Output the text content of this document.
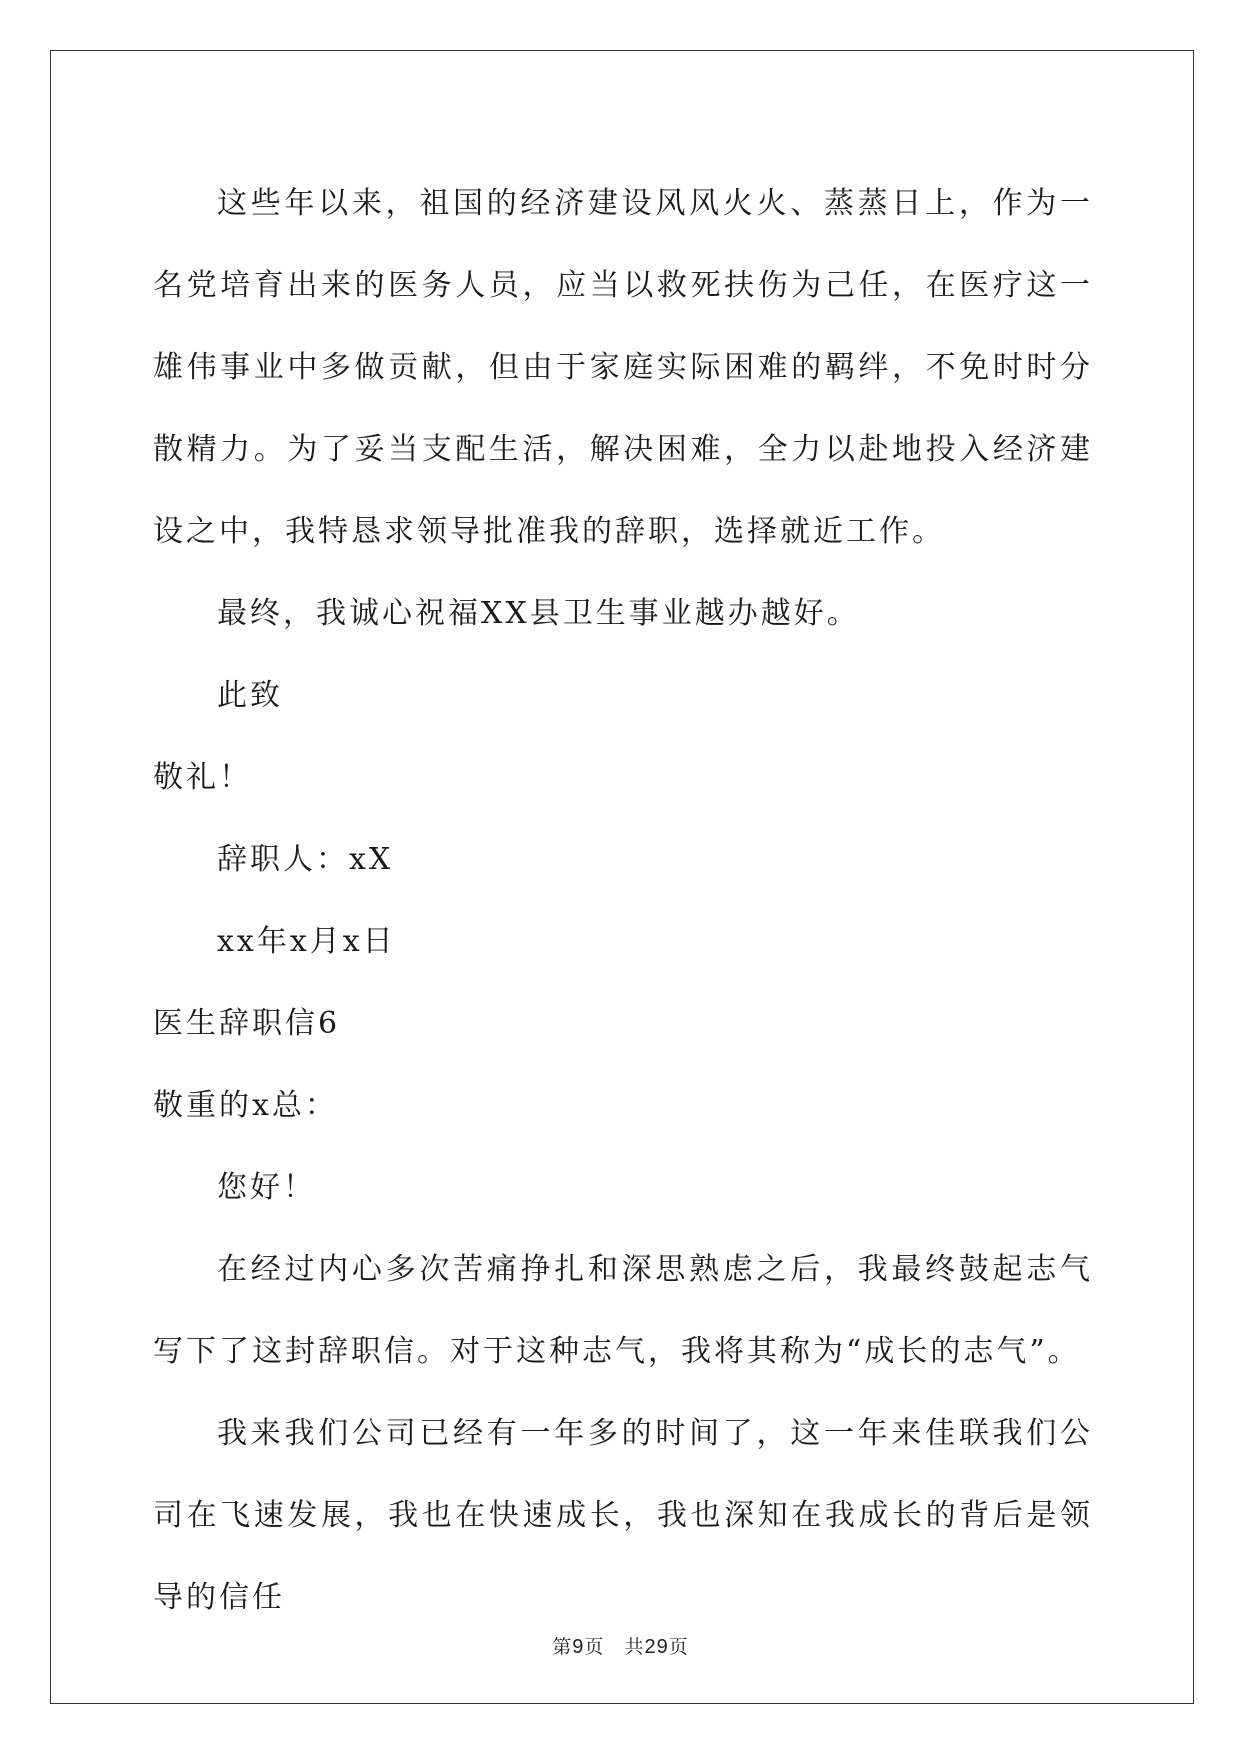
这些年以来，祖国的经济建设风风火火、蒸蒸日上，作为一名党培育出来的医务人员，应当以救死扶伤为己任，在医疗这一雄伟事业中多做贡献，但由于家庭实际困难的羁绊，不免时时分散精力。为了妥当支配生活，解决困难，全力以赴地投入经济建设之中，我特恳求领导批准我的辞职，选择就近工作。

最终，我诚心祝福XX县卫生事业越办越好。

此致

敬礼！

辞职人：xX

xx年x月x日

医生辞职信6

敬重的x总：

您好！

在经过内心多次苦痛挣扎和深思熟虑之后，我最终鼓起志气写下了这封辞职信。对于这种志气，我将其称为“成长的志气”。

我来我们公司已经有一年多的时间了，这一年来佳联我们公司在飞速发展，我也在快速成长，我也深知在我成长的背后是领导的信任

第9页 共29页
